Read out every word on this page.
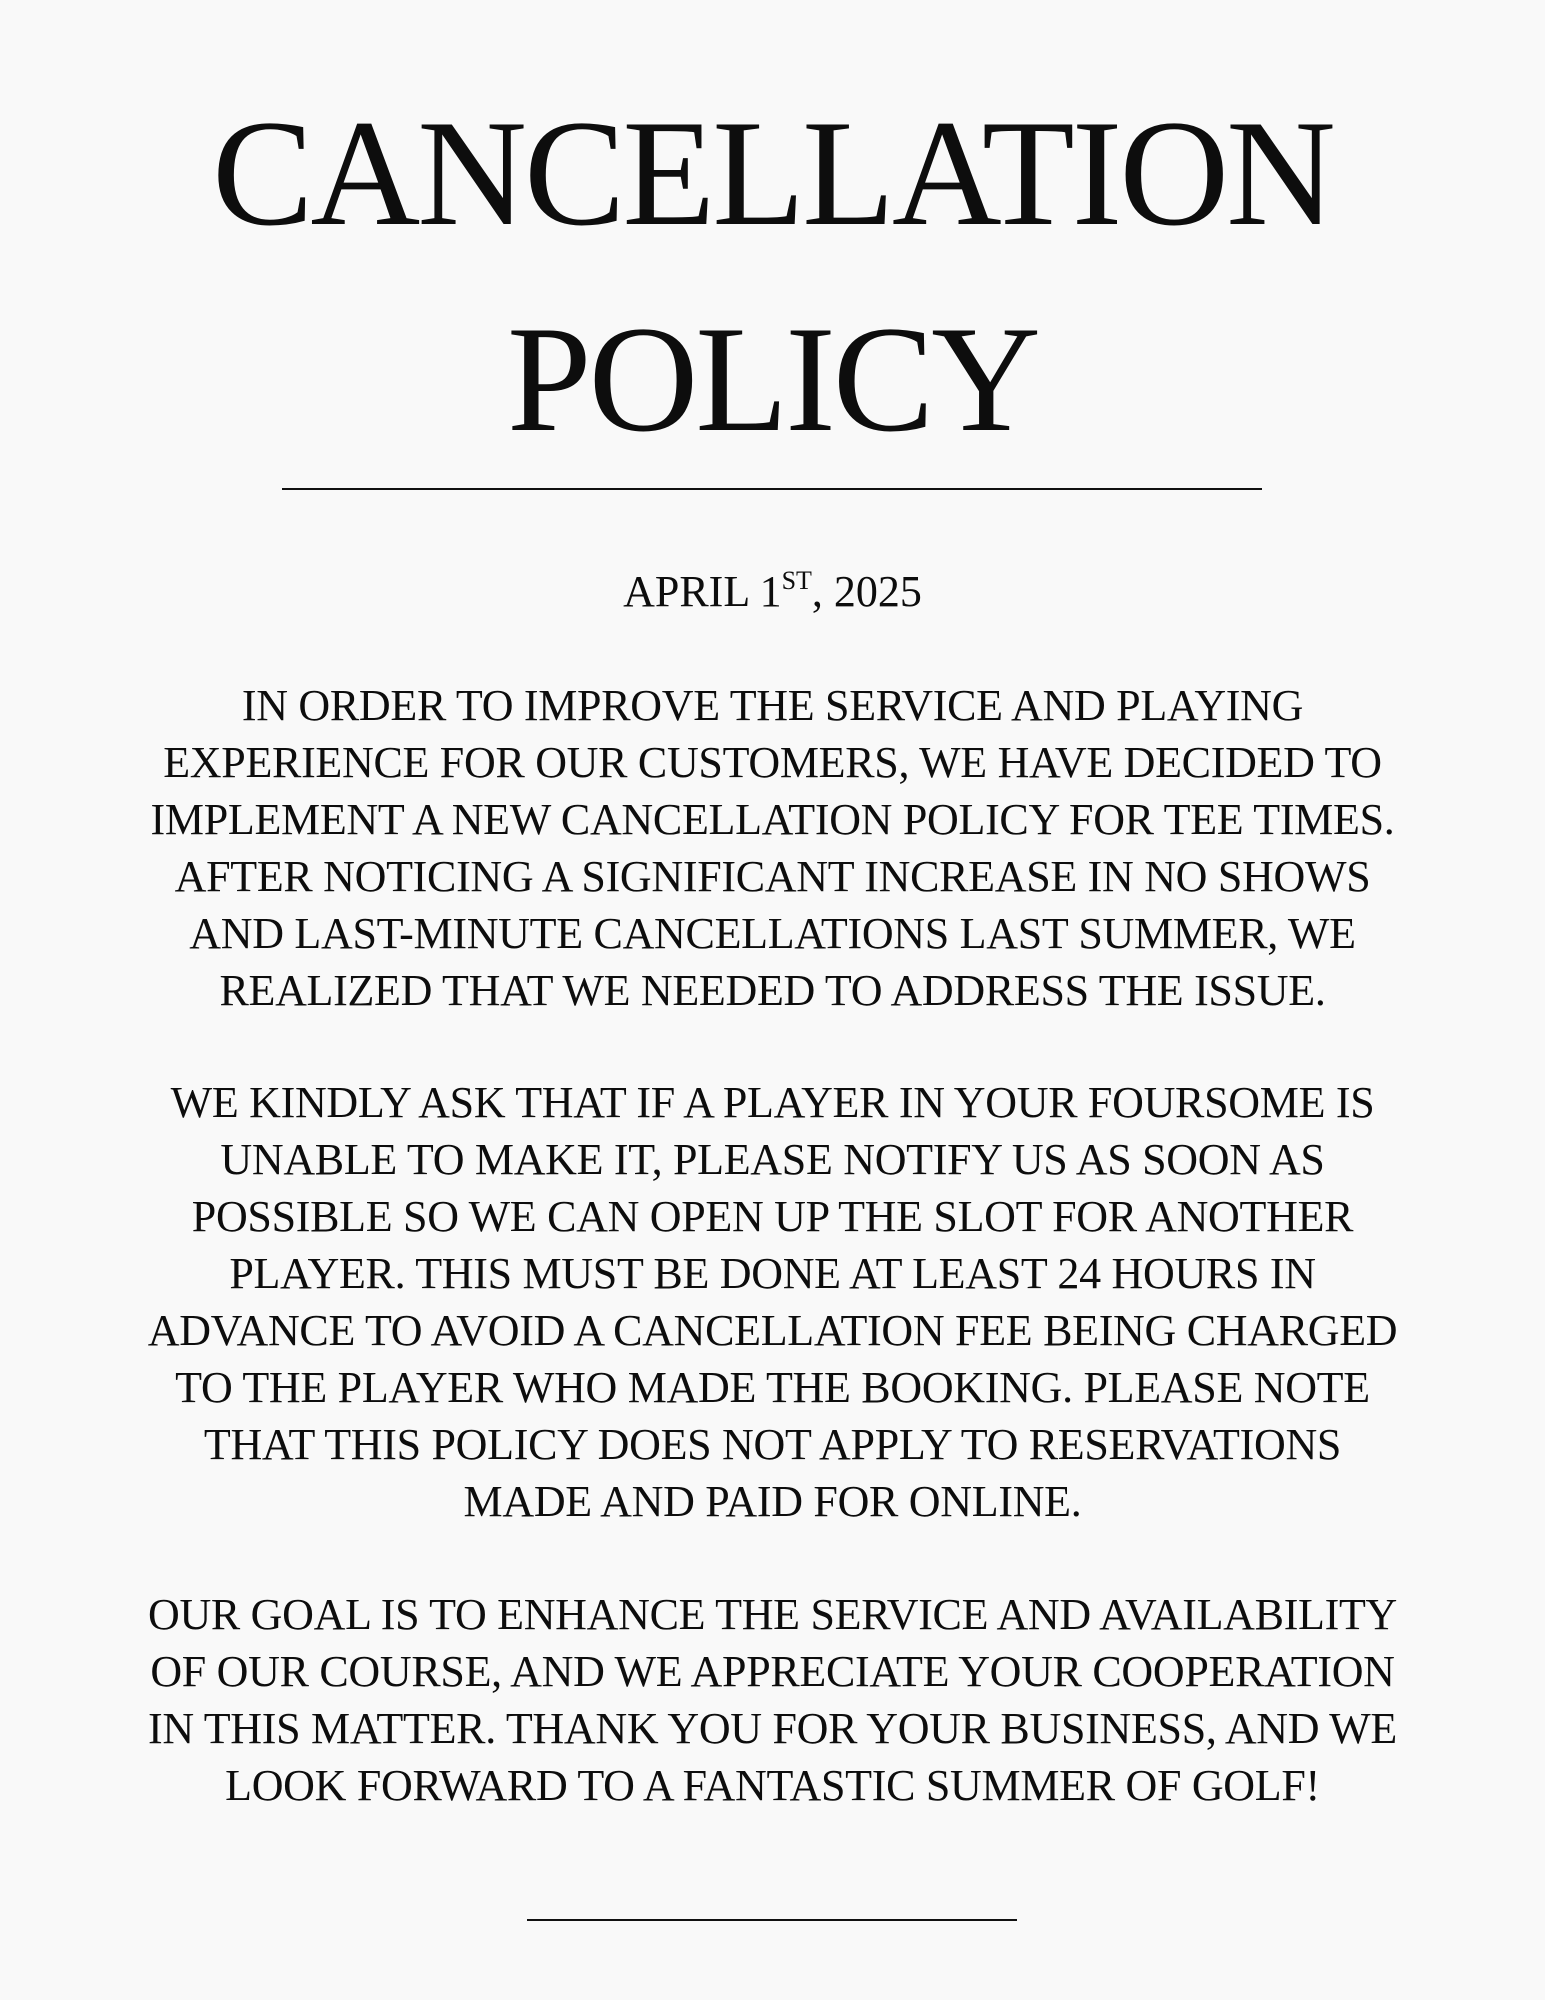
CANCELLATION
POLICY
APRIL 1ST, 2025
IN ORDER TO IMPROVE THE SERVICE AND PLAYING
EXPERIENCE FOR OUR CUSTOMERS, WE HAVE DECIDED TO
IMPLEMENT A NEW CANCELLATION POLICY FOR TEE TIMES.
AFTER NOTICING A SIGNIFICANT INCREASE IN NO SHOWS
AND LAST-MINUTE CANCELLATIONS LAST SUMMER, WE
REALIZED THAT WE NEEDED TO ADDRESS THE ISSUE.
WE KINDLY ASK THAT IF A PLAYER IN YOUR FOURSOME IS
UNABLE TO MAKE IT, PLEASE NOTIFY US AS SOON AS
POSSIBLE SO WE CAN OPEN UP THE SLOT FOR ANOTHER
PLAYER. THIS MUST BE DONE AT LEAST 24 HOURS IN
ADVANCE TO AVOID A CANCELLATION FEE BEING CHARGED
TO THE PLAYER WHO MADE THE BOOKING. PLEASE NOTE
THAT THIS POLICY DOES NOT APPLY TO RESERVATIONS
MADE AND PAID FOR ONLINE.
OUR GOAL IS TO ENHANCE THE SERVICE AND AVAILABILITY
OF OUR COURSE, AND WE APPRECIATE YOUR COOPERATION
IN THIS MATTER. THANK YOU FOR YOUR BUSINESS, AND WE
LOOK FORWARD TO A FANTASTIC SUMMER OF GOLF!
